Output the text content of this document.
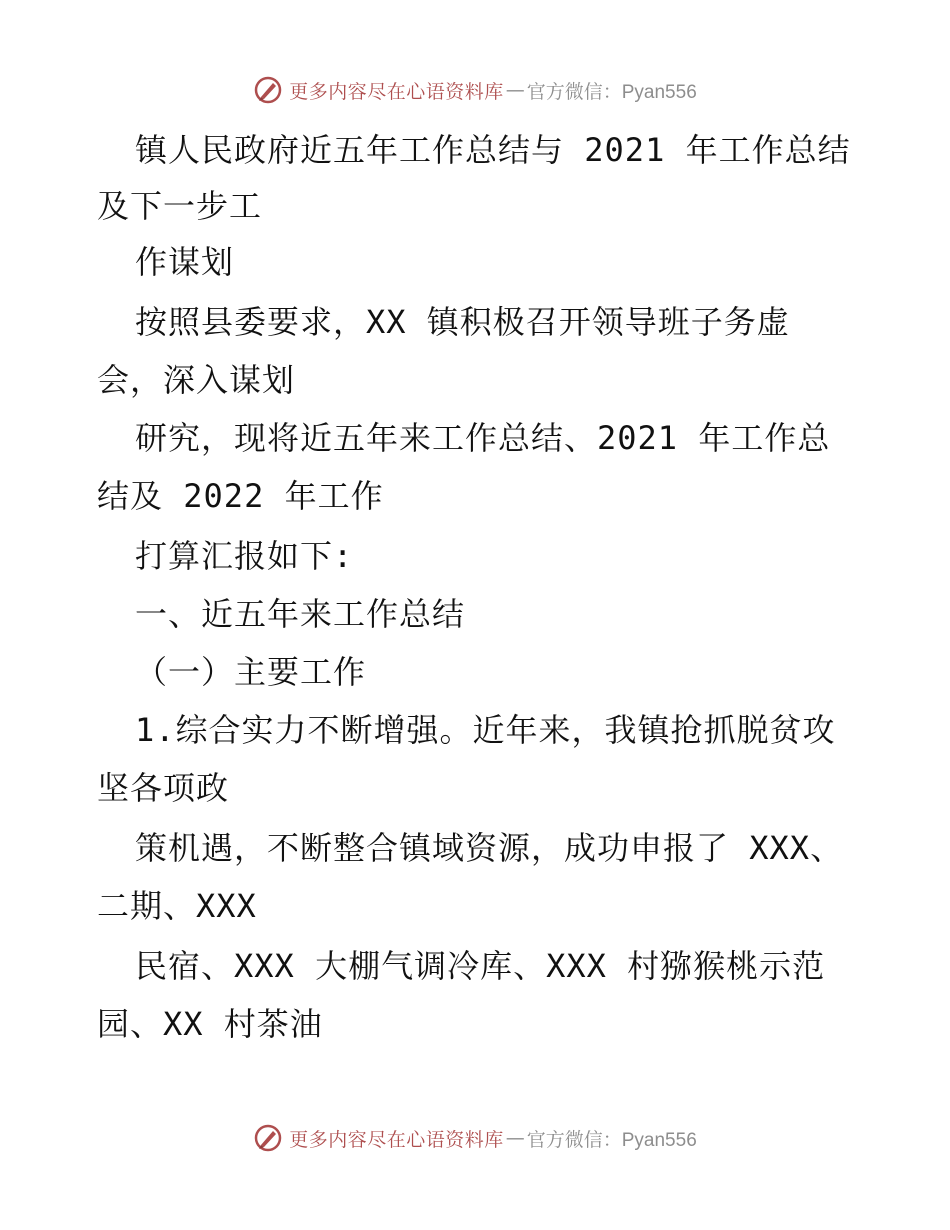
更多内容尽在心语资料库 — 官方微信：Pyan556
镇人民政府近五年工作总结与 2021 年工作总结
及下一步工
作谋划
按照县委要求，XX 镇积极召开领导班子务虚
会，深入谋划
研究，现将近五年来工作总结、2021 年工作总
结及 2022 年工作
打算汇报如下:
一、近五年来工作总结
（一）主要工作
1.综合实力不断增强。近年来，我镇抢抓脱贫攻
坚各项政
策机遇，不断整合镇域资源，成功申报了 XXX、
二期、XXX
民宿、XXX 大棚气调冷库、XXX 村猕猴桃示范
园、XX 村茶油
更多内容尽在心语资料库 — 官方微信：Pyan556
